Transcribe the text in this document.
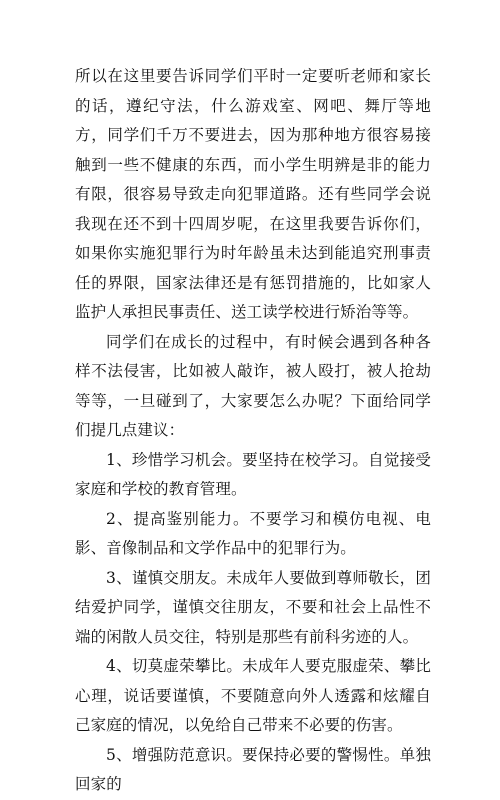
所以在这里要告诉同学们平时一定要听老师和家长的话，遵纪守法，什么游戏室、网吧、舞厅等地方，同学们千万不要进去，因为那种地方很容易接触到一些不健康的东西，而小学生明辨是非的能力有限，很容易导致走向犯罪道路。还有些同学会说我现在还不到十四周岁呢，在这里我要告诉你们，如果你实施犯罪行为时年龄虽未达到能追究刑事责任的界限，国家法律还是有惩罚措施的，比如家人监护人承担民事责任、送工读学校进行矫治等等。

同学们在成长的过程中，有时候会遇到各种各样不法侵害，比如被人敲诈，被人殴打，被人抢劫等等，一旦碰到了，大家要怎么办呢？下面给同学们提几点建议：

1、珍惜学习机会。要坚持在校学习。自觉接受家庭和学校的教育管理。

2、提高鉴别能力。不要学习和模仿电视、电影、音像制品和文学作品中的犯罪行为。

3、谨慎交朋友。未成年人要做到尊师敬长，团结爱护同学，谨慎交往朋友，不要和社会上品性不端的闲散人员交往，特别是那些有前科劣迹的人。

4、切莫虚荣攀比。未成年人要克服虚荣、攀比心理，说话要谨慎，不要随意向外人透露和炫耀自己家庭的情况，以免给自己带来不必要的伤害。

5、增强防范意识。要保持必要的警惕性。单独回家的
